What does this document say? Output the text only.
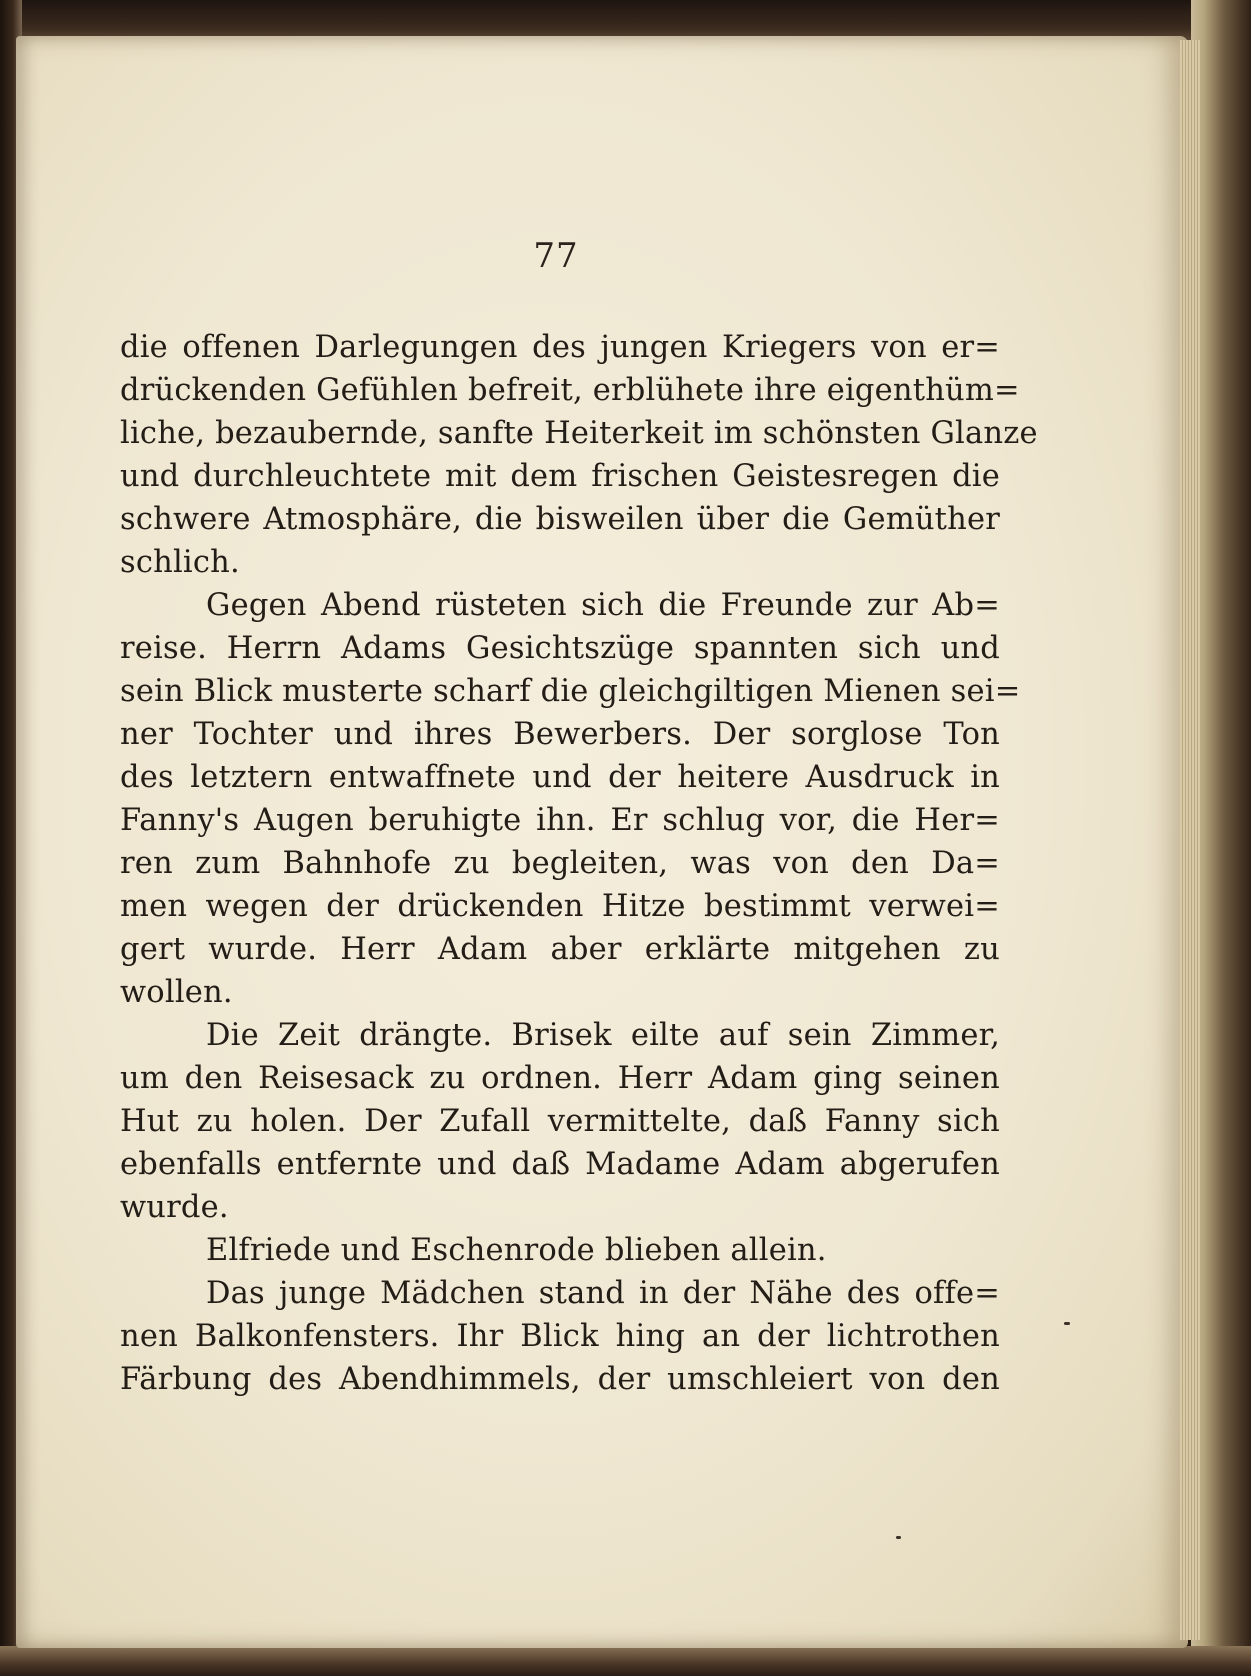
77
die offenen Darlegungen des jungen Kriegers von er=
drückenden Gefühlen befreit, erblühete ihre eigenthüm=
liche, bezaubernde, sanfte Heiterkeit im schönsten Glanze
und durchleuchtete mit dem frischen Geistesregen die
schwere Atmosphäre, die bisweilen über die Gemüther
schlich.
Gegen Abend rüsteten sich die Freunde zur Ab=
reise. Herrn Adams Gesichtszüge spannten sich und
sein Blick musterte scharf die gleichgiltigen Mienen sei=
ner Tochter und ihres Bewerbers. Der sorglose Ton
des letztern entwaffnete und der heitere Ausdruck in
Fanny's Augen beruhigte ihn. Er schlug vor, die Her=
ren zum Bahnhofe zu begleiten, was von den Da=
men wegen der drückenden Hitze bestimmt verwei=
gert wurde. Herr Adam aber erklärte mitgehen zu
wollen.
Die Zeit drängte. Brisek eilte auf sein Zimmer,
um den Reisesack zu ordnen. Herr Adam ging seinen
Hut zu holen. Der Zufall vermittelte, daß Fanny sich
ebenfalls entfernte und daß Madame Adam abgerufen
wurde.
Elfriede und Eschenrode blieben allein.
Das junge Mädchen stand in der Nähe des offe=
nen Balkonfensters. Ihr Blick hing an der lichtrothen
Färbung des Abendhimmels, der umschleiert von den
